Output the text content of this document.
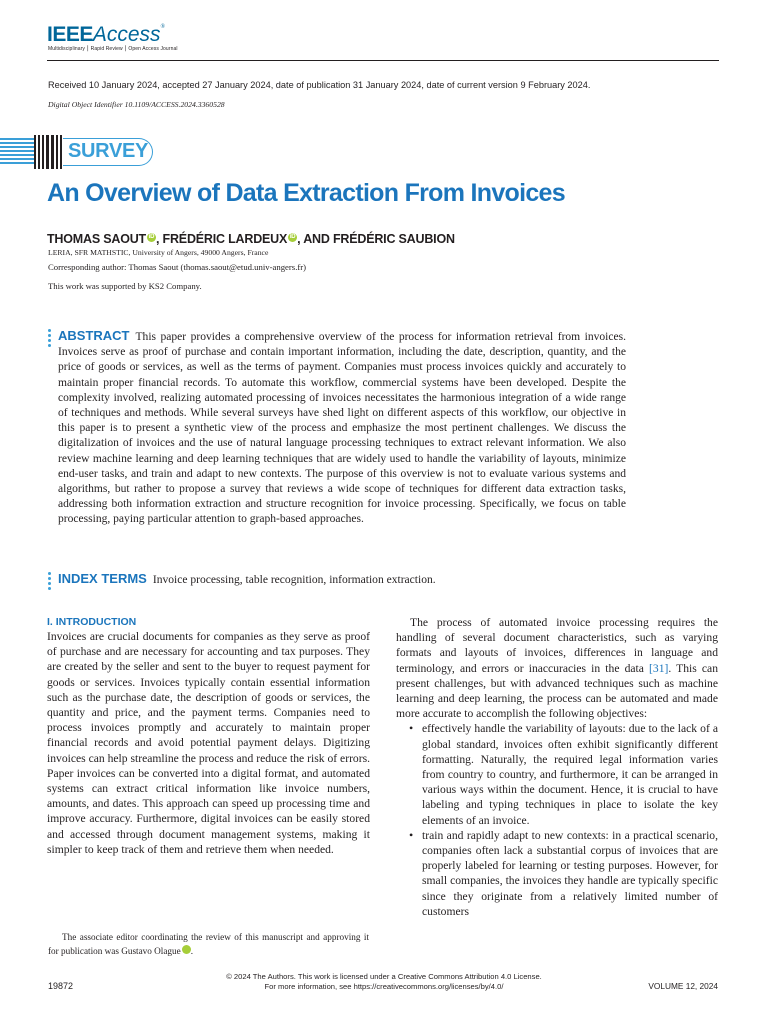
IEEEAccess®
Multidisciplinary ⎮ Rapid Review ⎮ Open Access Journal
Received 10 January 2024, accepted 27 January 2024, date of publication 31 January 2024, date of current version 9 February 2024.
Digital Object Identifier 10.1109/ACCESS.2024.3360528
SURVEY
An Overview of Data Extraction From Invoices
THOMAS SAOUT iD , FRÉDÉRIC LARDEUX iD , AND FRÉDÉRIC SAUBION
LERIA, SFR MATHSTIC, University of Angers, 49000 Angers, France
Corresponding author: Thomas Saout (thomas.saout@etud.univ-angers.fr)
This work was supported by KS2 Company.
ABSTRACT This paper provides a comprehensive overview of the process for information retrieval from invoices. Invoices serve as proof of purchase and contain important information, including the date, description, quantity, and the price of goods or services, as well as the terms of payment. Companies must process invoices quickly and accurately to maintain proper financial records. To automate this workflow, commercial systems have been developed. Despite the complexity involved, realizing automated processing of invoices necessitates the harmonious integration of a wide range of techniques and methods. While several surveys have shed light on different aspects of this workflow, our objective in this paper is to present a synthetic view of the process and emphasize the most pertinent challenges. We discuss the digitalization of invoices and the use of natural language processing techniques to extract relevant information. We also review machine learning and deep learning techniques that are widely used to handle the variability of layouts, minimize end-user tasks, and train and adapt to new contexts. The purpose of this overview is not to evaluate various systems and algorithms, but rather to propose a survey that reviews a wide scope of techniques for different data extraction tasks, addressing both information extraction and structure recognition for invoice processing. Specifically, we focus on table processing, paying particular attention to graph-based approaches.
INDEX TERMS Invoice processing, table recognition, information extraction.
I. INTRODUCTION

Invoices are crucial documents for companies as they serve as proof of purchase and are necessary for accounting and tax purposes. They are created by the seller and sent to the buyer to request payment for goods or services. Invoices typically contain essential information such as the purchase date, the description of goods or services, the quantity and price, and the payment terms. Companies need to process invoices promptly and accurately to maintain proper financial records and avoid potential payment delays. Digitizing invoices can help streamline the process and reduce the risk of errors. Paper invoices can be converted into a digital format, and automated systems can extract critical information like invoice numbers, amounts, and dates. This approach can speed up processing time and improve accuracy. Furthermore, digital invoices can be easily stored and accessed through document management systems, making it simpler to keep track of them and retrieve them when needed.

The associate editor coordinating the review of this manuscript and approving it for publication was Gustavo Olague	iD.

The process of automated invoice processing requires the handling of several document characteristics, such as varying formats and layouts of invoices, differences in language and terminology, and errors or inaccuracies in the data [31]. This can present challenges, but with advanced techniques such as machine learning and deep learning, the process can be automated and made more accurate to accomplish the following objectives:

• effectively handle the variability of layouts: due to the lack of a global standard, invoices often exhibit significantly different formatting. Naturally, the required legal information varies from country to country, and furthermore, it can be arranged in various ways within the document. Hence, it is crucial to have labeling and typing techniques in place to isolate the key elements of an invoice.
• train and rapidly adapt to new contexts: in a practical scenario, companies often lack a substantial corpus of invoices that are properly labeled for learning or testing purposes. However, for small companies, the invoices they handle are typically specific since they originate from a relatively limited number of customers
19872
© 2024 The Authors. This work is licensed under a Creative Commons Attribution 4.0 License.
For more information, see https://creativecommons.org/licenses/by/4.0/	VOLUME 12, 2024
